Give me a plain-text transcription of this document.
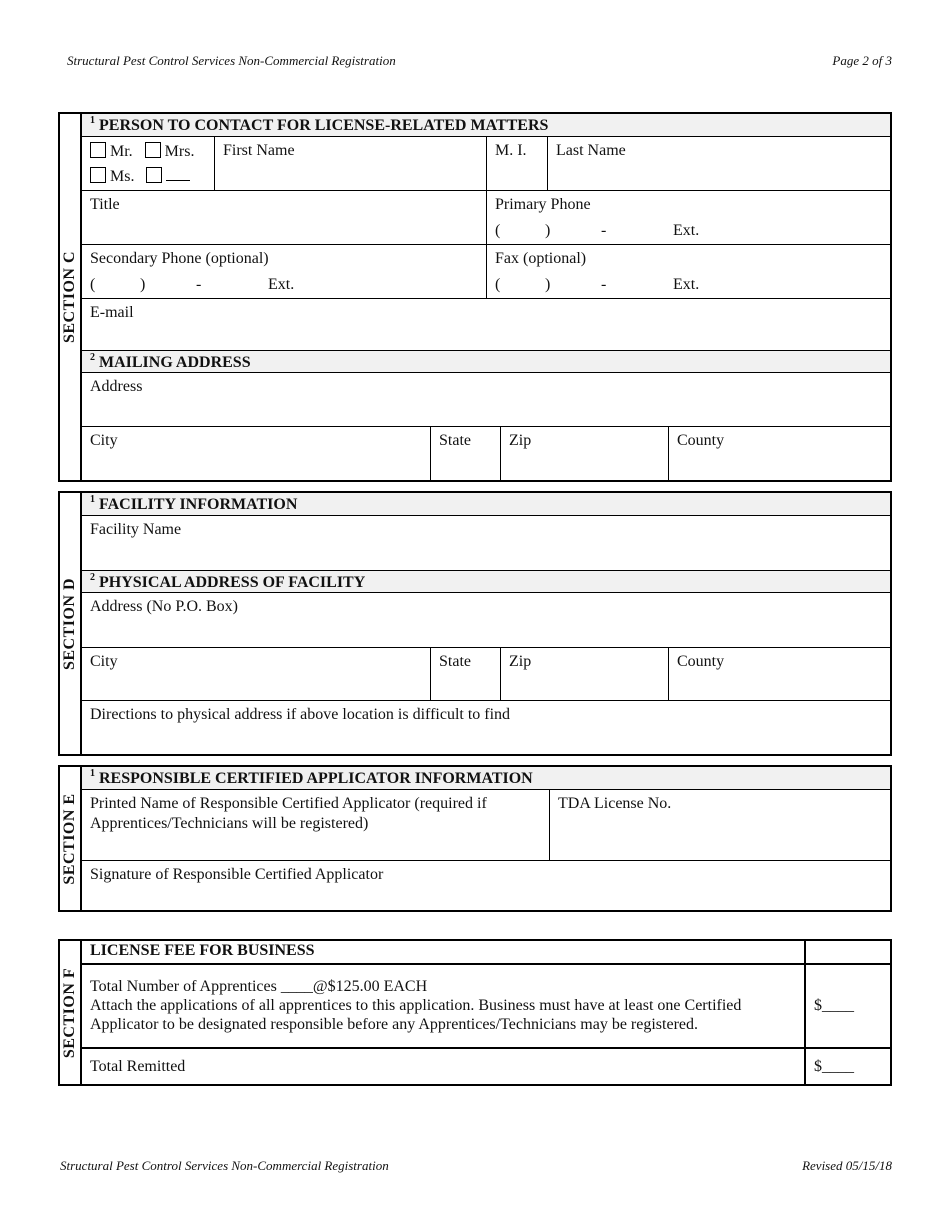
Structural Pest Control Services Non-Commercial Registration	Page 2 of 3
SECTION C
$^1$ PERSON TO CONTACT FOR LICENSE-RELATED MATTERS
Mr. Mrs.
Ms.
First Name	M. I.	Last Name
Title	Primary Phone
(	)	-	Ext.
Secondary Phone (optional)
(	)	-	Ext.
Fax (optional)
(	)	-	Ext.
E-mail
$^2$ MAILING ADDRESS
Address
City	State	Zip	County
SECTION D
$^1$ FACILITY INFORMATION
Facility Name
$^2$ PHYSICAL ADDRESS OF FACILITY
Address (No P.O. Box)
City	State	Zip	County
Directions to physical address if above location is difficult to find
SECTION E
$^1$ RESPONSIBLE CERTIFIED APPLICATOR INFORMATION
Printed Name of Responsible Certified Applicator (required if Apprentices/Technicians will be registered)
TDA License No.
Signature of Responsible Certified Applicator
SECTION F
LICENSE FEE FOR BUSINESS
Total Number of Apprentices ____@$125.00 EACH
Attach the applications of all apprentices to this application. Business must have at least one Certified Applicator to be designated responsible before any Apprentices/Technicians may be registered.
$____
Total Remitted	$____
Structural Pest Control Services Non-Commercial Registration	Revised 05/15/18
